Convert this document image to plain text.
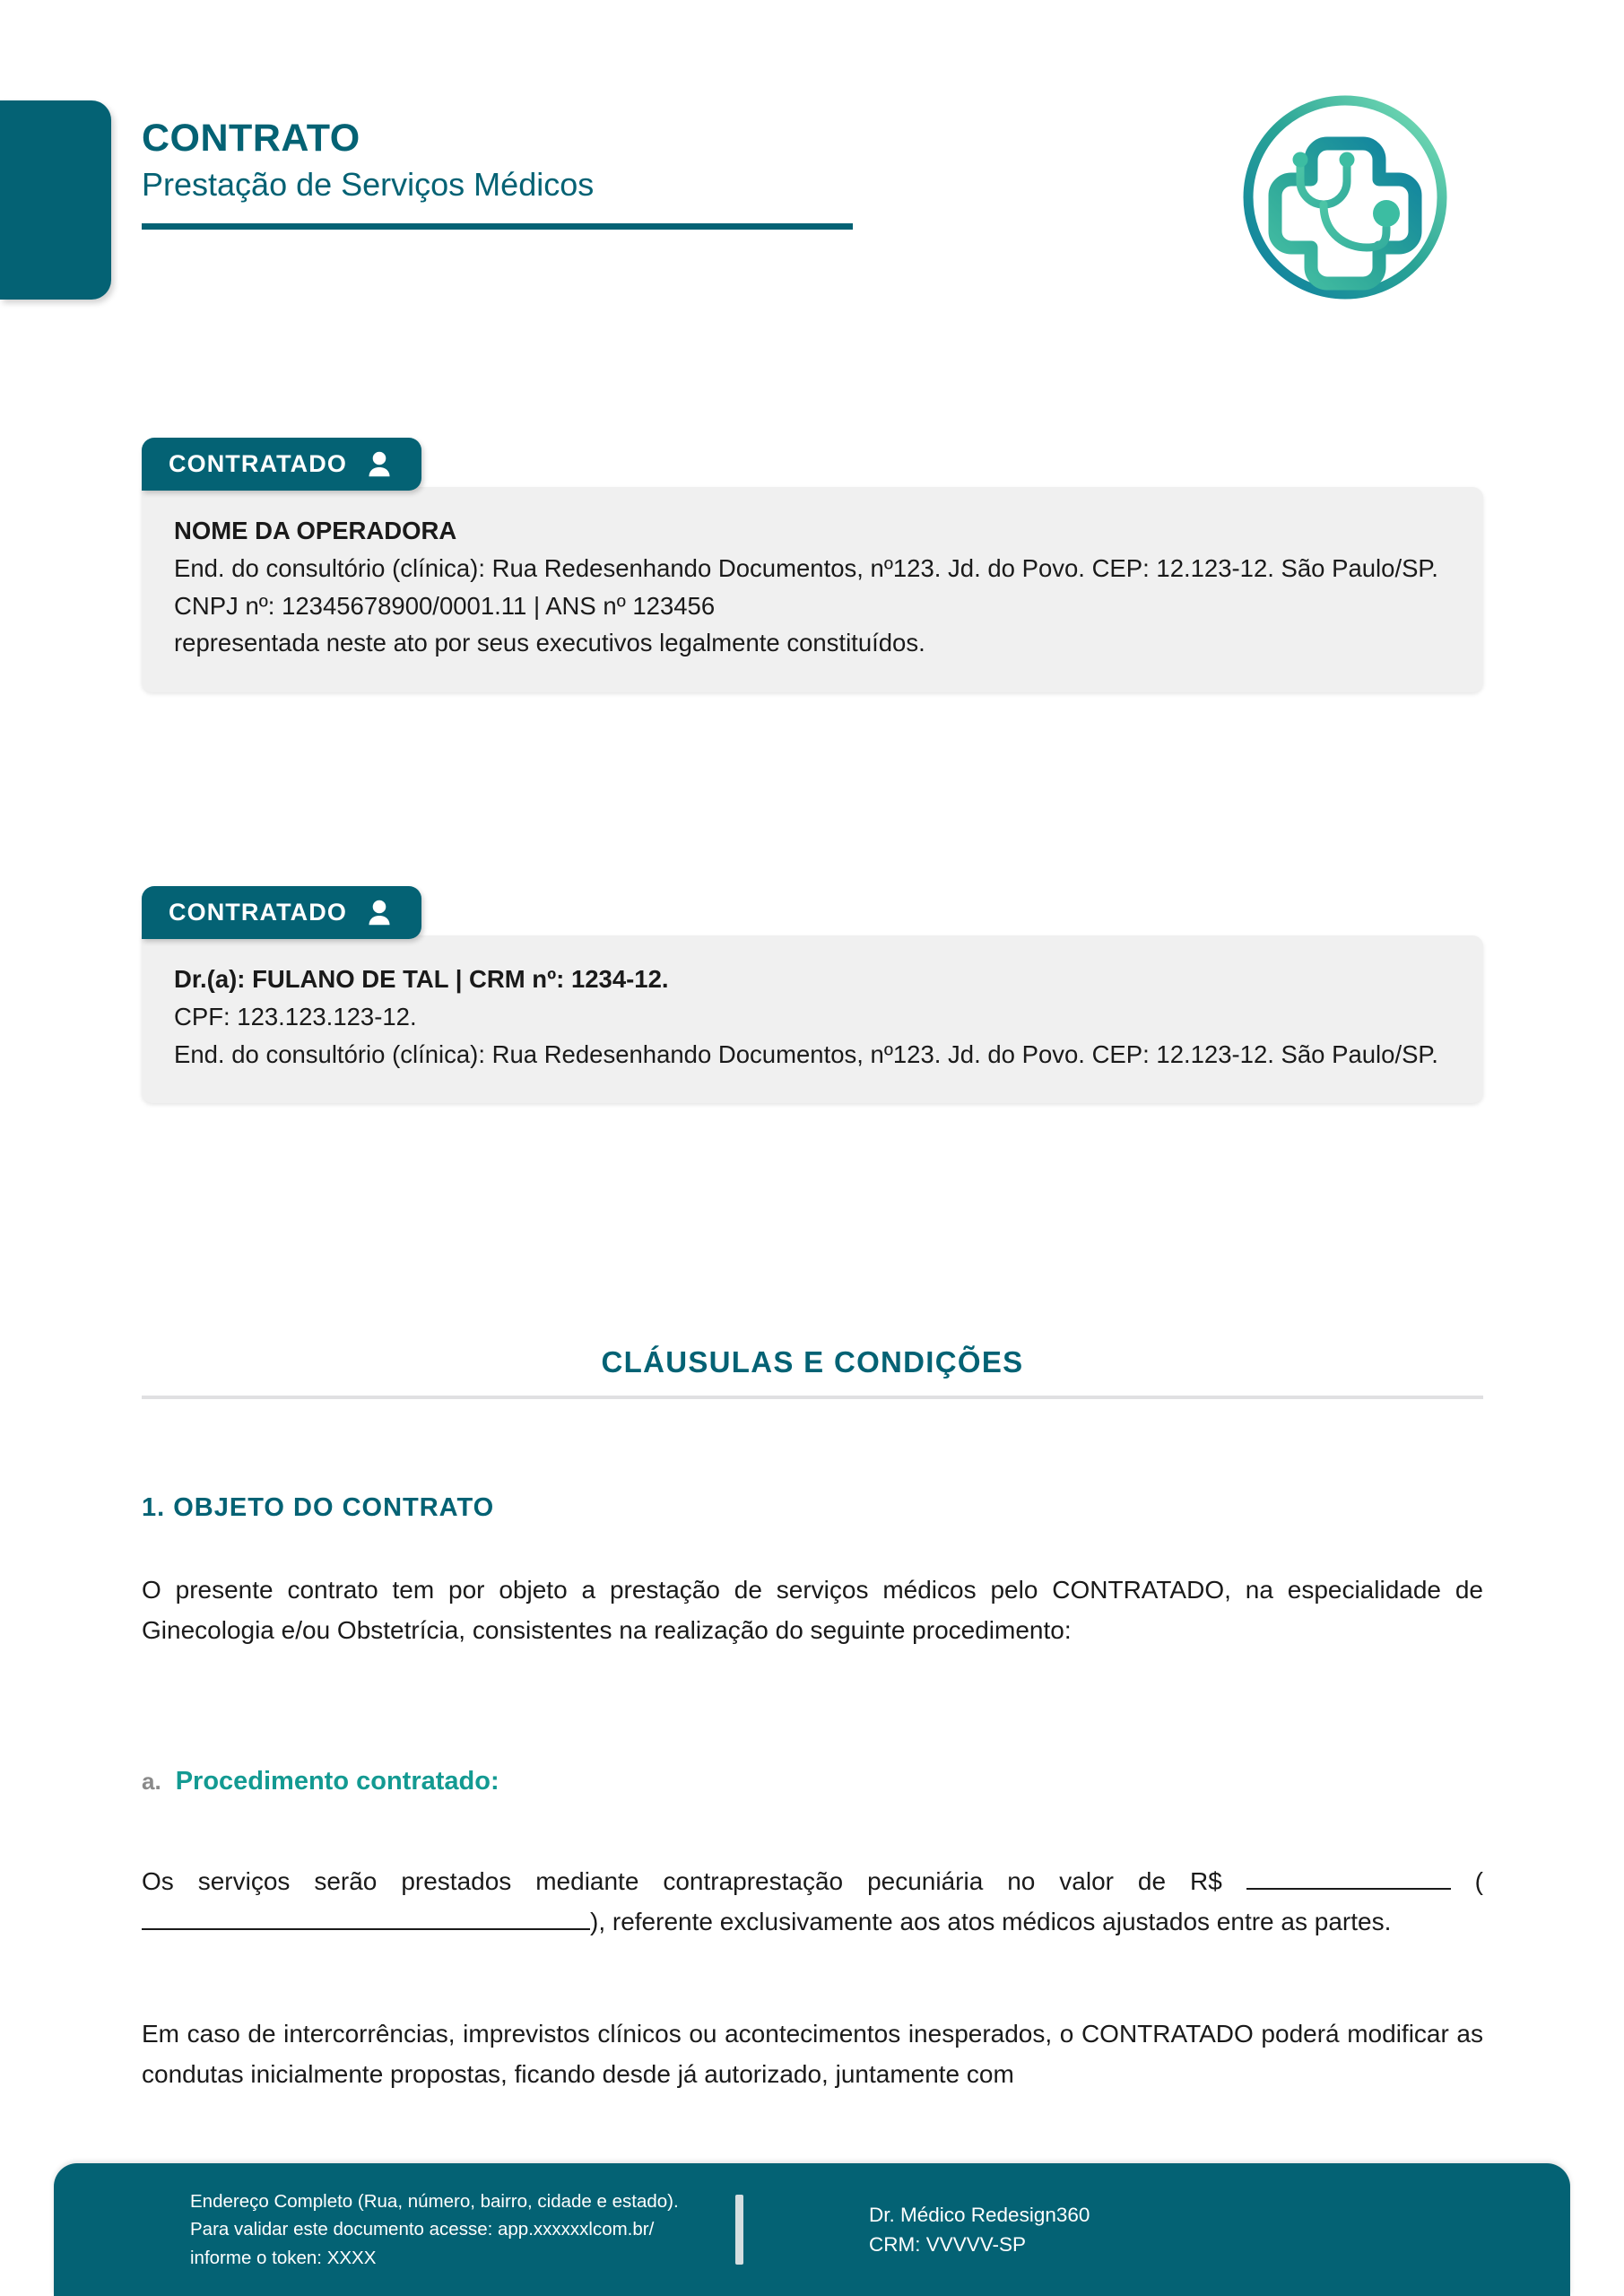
CONTRATO
Prestação de Serviços Médicos
CONTRATADO
NOME DA OPERADORA
End. do consultório (clínica): Rua Redesenhando Documentos, nº123. Jd. do Povo. CEP: 12.123-12. São Paulo/SP.
CNPJ nº: 12345678900/0001.11 | ANS nº 123456
representada neste ato por seus executivos legalmente constituídos.
CONTRATADO
Dr.(a): FULANO DE TAL | CRM nº: 1234-12.
CPF: 123.123.123-12.
End. do consultório (clínica): Rua Redesenhando Documentos, nº123. Jd. do Povo. CEP: 12.123-12. São Paulo/SP.
CLÁUSULAS E CONDIÇÕES
1. OBJETO DO CONTRATO
O presente contrato tem por objeto a prestação de serviços médicos pelo CONTRATADO, na especialidade de Ginecologia e/ou Obstetrícia, consistentes na realização do seguinte procedimento:
a. Procedimento contratado:
Os serviços serão prestados mediante contraprestação pecuniária no valor de R$	(), referente exclusivamente aos atos médicos ajustados entre as partes.
Em caso de intercorrências, imprevistos clínicos ou acontecimentos inesperados, o CONTRATADO poderá modificar as condutas inicialmente propostas, ficando desde já autorizado, juntamente com
Endereço Completo (Rua, número, bairro, cidade e estado).
Para validar este documento acesse: app.xxxxxxlcom.br/
informe o token: XXXX
Dr. Médico Redesign360
CRM: VVVVV-SP
